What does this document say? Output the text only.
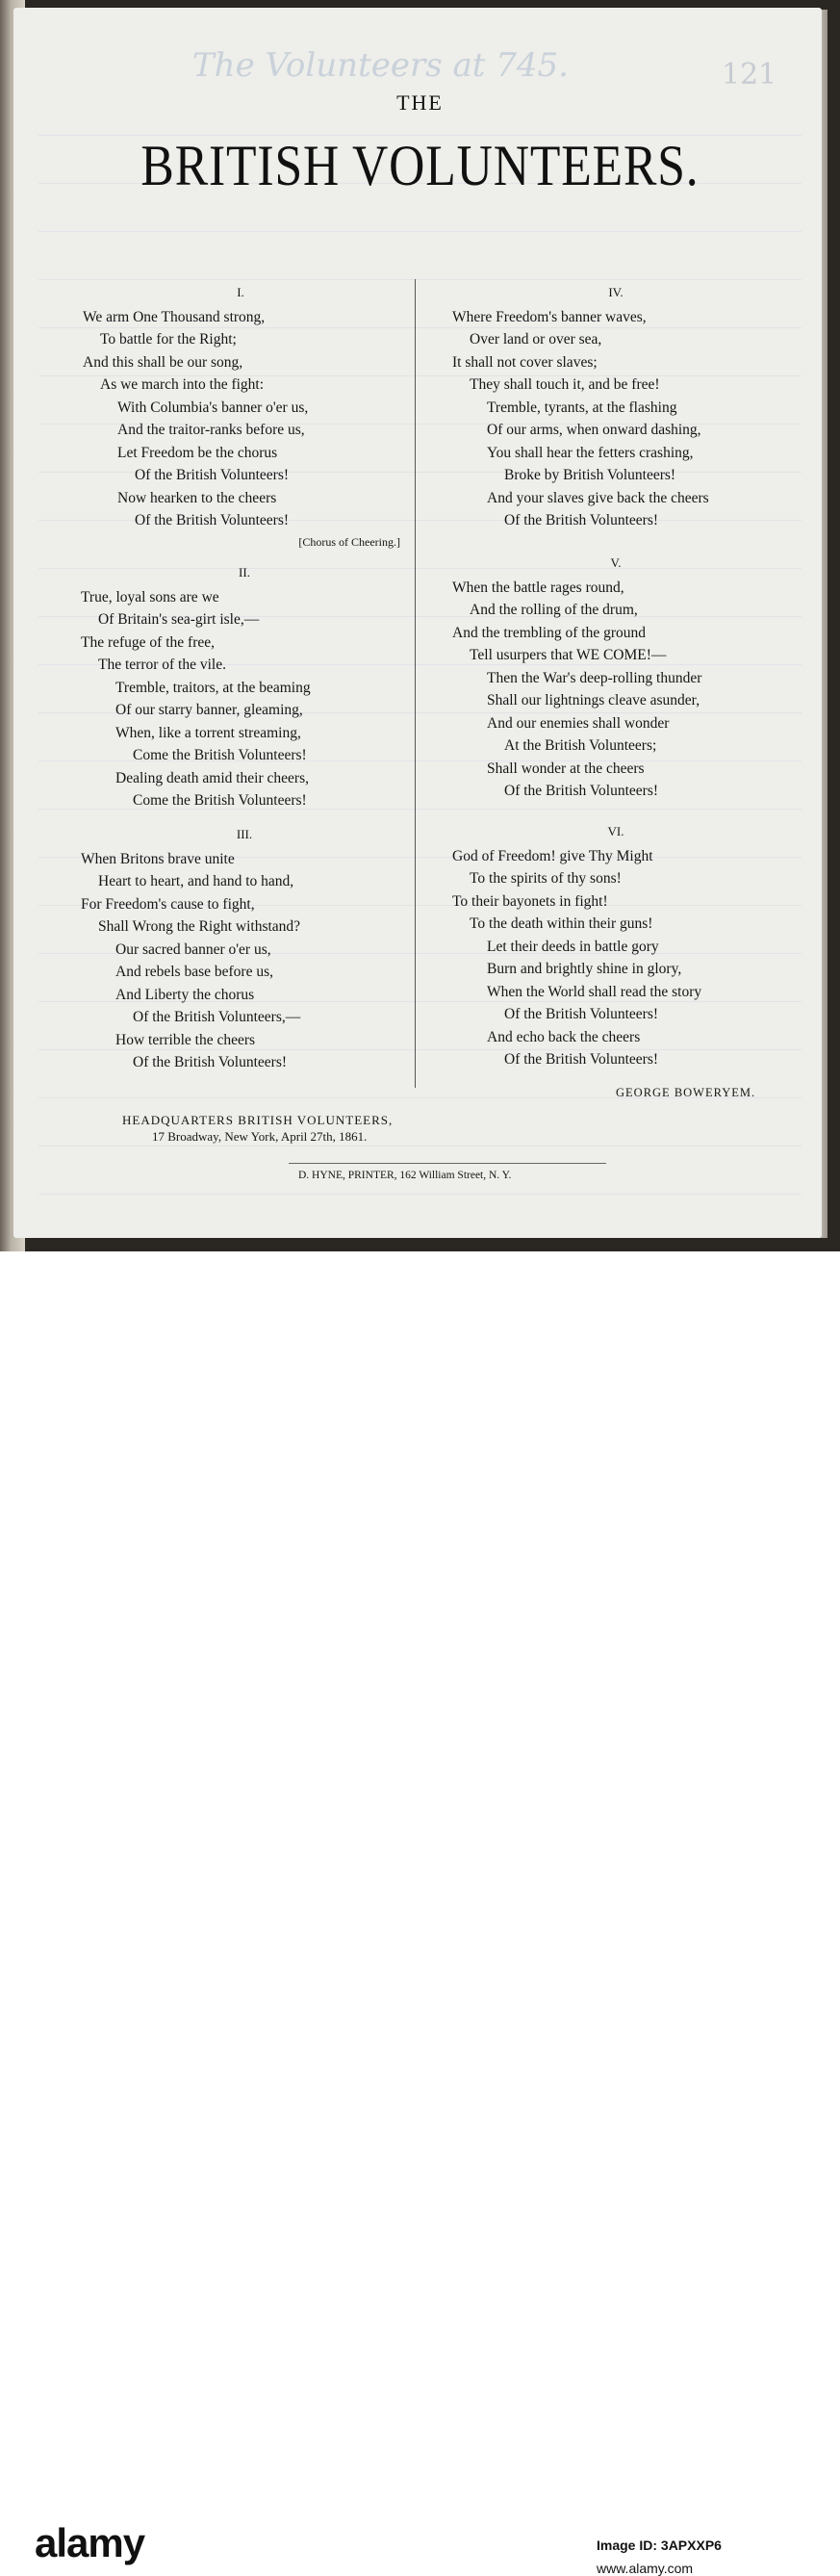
The Volunteers at 745.	121
THE
BRITISH VOLUNTEERS.
I.
We arm One Thousand strong,
To battle for the Right;
And this shall be our song,
As we march into the fight:
With Columbia's banner o'er us,
And the traitor-ranks before us,
Let Freedom be the chorus
Of the British Volunteers!
Now hearken to the cheers
Of the British Volunteers!
[Chorus of Cheering.]
II.
True, loyal sons are we
Of Britain's sea-girt isle,—
The refuge of the free,
The terror of the vile.
Tremble, traitors, at the beaming
Of our starry banner, gleaming,
When, like a torrent streaming,
Come the British Volunteers!
Dealing death amid their cheers,
Come the British Volunteers!
III.
When Britons brave unite
Heart to heart, and hand to hand,
For Freedom's cause to fight,
Shall Wrong the Right withstand?
Our sacred banner o'er us,
And rebels base before us,
And Liberty the chorus
Of the British Volunteers,—
How terrible the cheers
Of the British Volunteers!
IV.
Where Freedom's banner waves,
Over land or over sea,
It shall not cover slaves;
They shall touch it, and be free!
Tremble, tyrants, at the flashing
Of our arms, when onward dashing,
You shall hear the fetters crashing,
Broke by British Volunteers!
And your slaves give back the cheers
Of the British Volunteers!
V.
When the battle rages round,
And the rolling of the drum,
And the trembling of the ground
Tell usurpers that WE COME!—
Then the War's deep-rolling thunder
Shall our lightnings cleave asunder,
And our enemies shall wonder
At the British Volunteers;
Shall wonder at the cheers
Of the British Volunteers!
VI.
God of Freedom! give Thy Might
To the spirits of thy sons!
To their bayonets in fight!
To the death within their guns!
Let their deeds in battle gory
Burn and brightly shine in glory,
When the World shall read the story
Of the British Volunteers!
And echo back the cheers
Of the British Volunteers!
GEORGE BOWERYEM.
HEADQUARTERS BRITISH VOLUNTEERS,
17 Broadway, New York, April 27th, 1861.
D. HYNE, PRINTER, 162 William Street, N. Y.
alamy	Image ID: 3APXXP6
www.alamy.com
